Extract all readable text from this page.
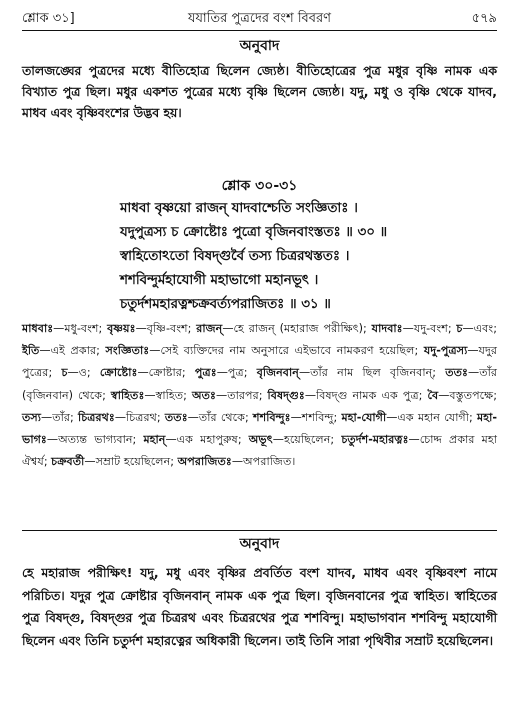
শ্লোক ৩১]	যযাতির পুত্রদের বংশ বিবরণ	৫৭৯
অনুবাদ

তালজঙ্ঘের পুত্রদের মধ্যে বীতিহোত্র ছিলেন জ্যেষ্ঠ। বীতিহোত্রের পুত্র মধুর বৃষ্ণি নামক এক বিখ্যাত পুত্র ছিল। মধুর একশত পুত্রের মধ্যে বৃষ্ণি ছিলেন জ্যেষ্ঠ। যদু, মধু ও বৃষ্ণি থেকে যাদব, মাধব এবং বৃষ্ণিবংশের উদ্ভব হয়।

শ্লোক ৩০-৩১
মাধবা বৃষ্ণয়ো রাজন্ যাদবাশ্চেতি সংজ্ঞিতাঃ ।
যদুপুত্রস্য চ ক্রোষ্টোঃ পুত্রো বৃজিনবাংস্ততঃ ॥ ৩০ ॥
স্বাহিতোঽতো বিষদ্গুর্বৈ তস্য চিত্ররথস্ততঃ ।
শশবিন্দুর্মহাযোগী মহাভাগো মহানভূৎ ।
চতুর্দশমহারত্নশ্চক্রবর্ত্যপরাজিতঃ ॥ ৩১ ॥

মাধবাঃ—মধু-বংশ; বৃষ্ণয়ঃ—বৃষ্ণি-বংশ; রাজন্—হে রাজন্ (মহারাজ পরীক্ষিৎ); যাদবাঃ—যদু-বংশ; চ—এবং; ইতি—এই প্রকার; সংজ্ঞিতাঃ—সেই ব্যক্তিদের নাম অনুসারে এইভাবে নামকরণ হয়েছিল; যদু-পুত্রস্য—যদুর পুত্রের; চ—ও; ক্রোষ্টোঃ—ক্রোষ্টার; পুত্রঃ—পুত্র; বৃজিনবান্—তাঁর নাম ছিল বৃজিনবান্; ততঃ—তাঁর (বৃজিনবান) থেকে; স্বাহিতঃ—স্বাহিত; অতঃ—তারপর; বিষদ্গুঃ—বিষদ্গু নামক এক পুত্র; বৈ—বস্তুতপক্ষে; তস্য—তাঁর; চিত্ররথঃ—চিত্ররথ; ততঃ—তাঁর থেকে; শশবিন্দুঃ—শশবিন্দু; মহা-যোগী—এক মহান যোগী; মহা-ভাগঃ—অত্যন্ত ভাগ্যবান; মহান্—এক মহাপুরুষ; অভূৎ—হয়েছিলেন; চতুর্দশ-মহারত্নঃ—চোদ্দ প্রকার মহা ঐশ্বর্য; চক্রবর্তী—সম্রাট হয়েছিলেন; অপরাজিতঃ—অপরাজিত।

অনুবাদ

হে মহারাজ পরীক্ষিৎ! যদু, মধু এবং বৃষ্ণির প্রবর্তিত বংশ যাদব, মাধব এবং বৃষ্ণিবংশ নামে পরিচিত। যদুর পুত্র ক্রোষ্টার বৃজিনবান্ নামক এক পুত্র ছিল। বৃজিনবানের পুত্র স্বাহিত। স্বাহিতের পুত্র বিষদ্গু, বিষদ্গুর পুত্র চিত্ররথ এবং চিত্ররথের পুত্র শশবিন্দু। মহাভাগবান শশবিন্দু মহাযোগী ছিলেন এবং তিনি চতুর্দশ মহারত্নের অধিকারী ছিলেন। তাই তিনি সারা পৃথিবীর সম্রাট হয়েছিলেন।
